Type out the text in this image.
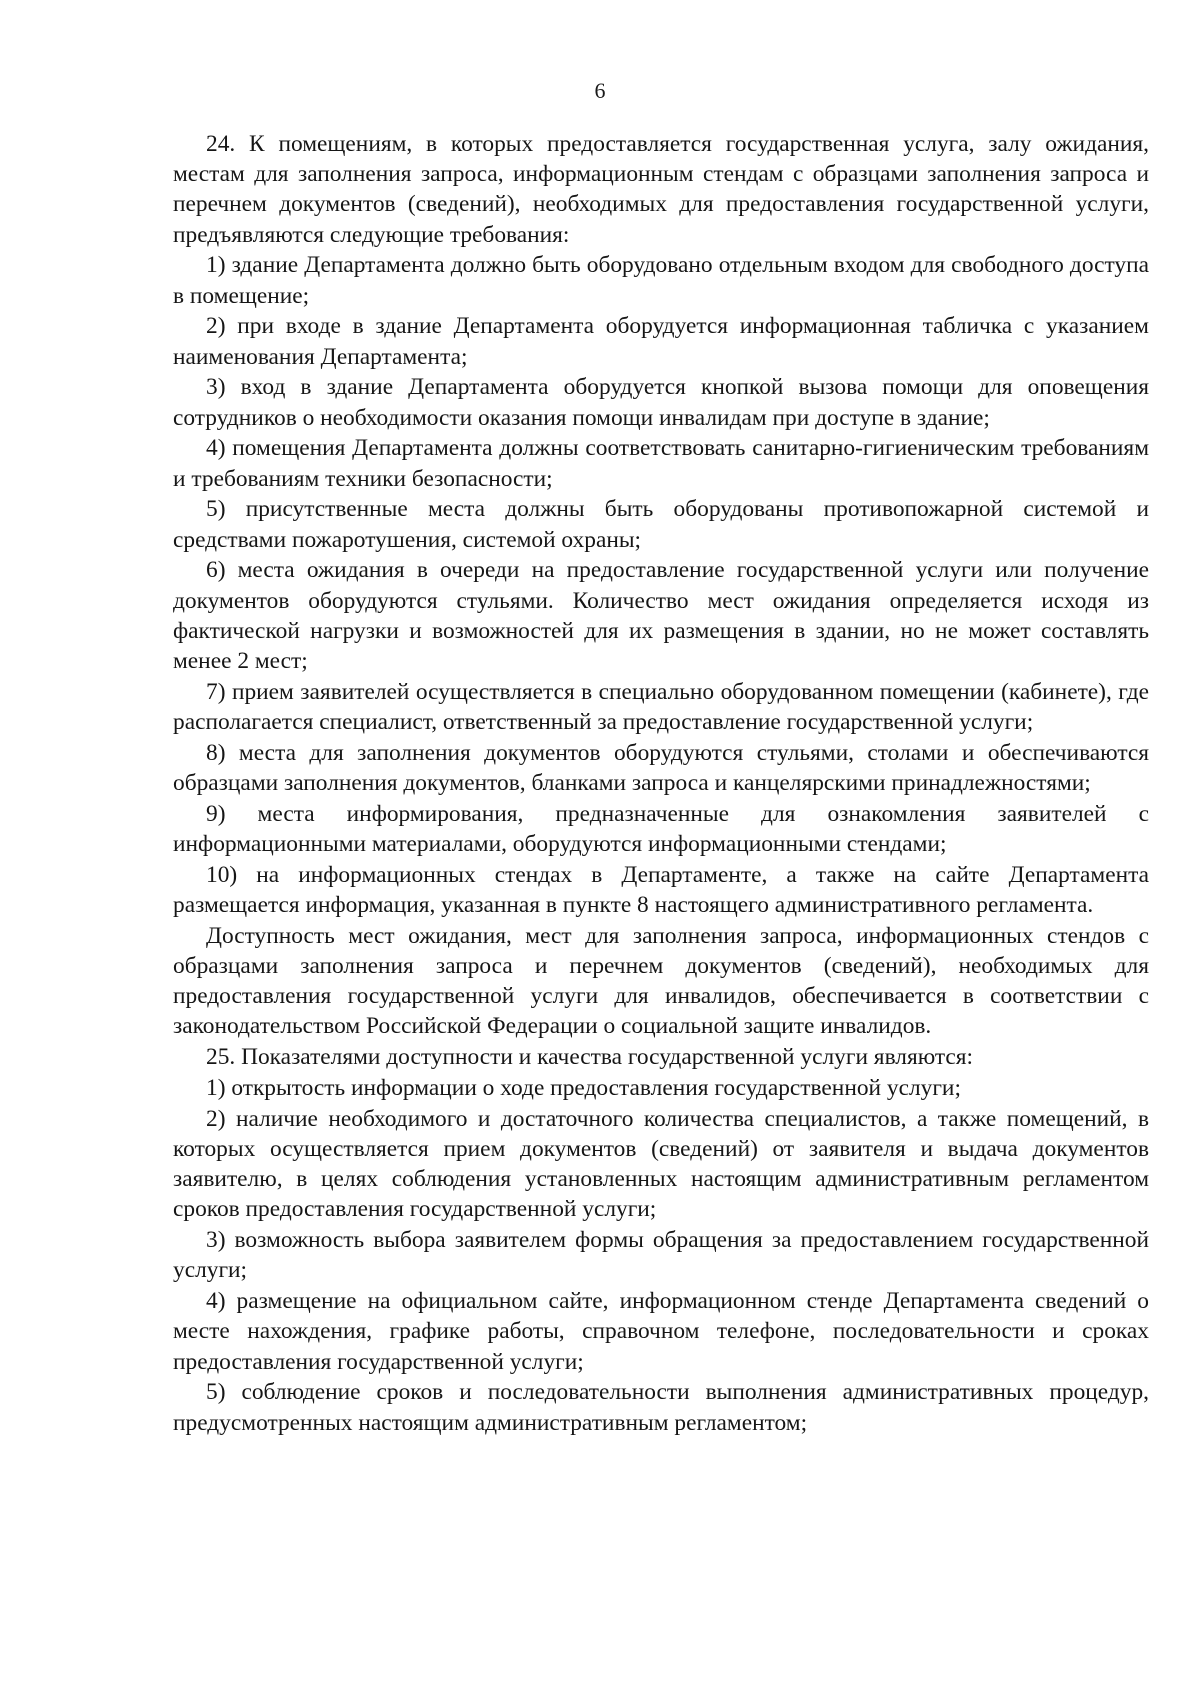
6

24. К помещениям, в которых предоставляется государственная услуга, залу ожидания, местам для заполнения запроса, информационным стендам с образцами заполнения запроса и перечнем документов (сведений), необходимых для предоставления государственной услуги, предъявляются следующие требования:

1) здание Департамента должно быть оборудовано отдельным входом для свободного доступа в помещение;

2) при входе в здание Департамента оборудуется информационная табличка с указанием наименования Департамента;

3) вход в здание Департамента оборудуется кнопкой вызова помощи для оповещения сотрудников о необходимости оказания помощи инвалидам при доступе в здание;

4) помещения Департамента должны соответствовать санитарно-гигиеническим требованиям и требованиям техники безопасности;

5) присутственные места должны быть оборудованы противопожарной системой и средствами пожаротушения, системой охраны;

6) места ожидания в очереди на предоставление государственной услуги или получение документов оборудуются стульями. Количество мест ожидания определяется исходя из фактической нагрузки и возможностей для их размещения в здании, но не может составлять менее 2 мест;

7) прием заявителей осуществляется в специально оборудованном помещении (кабинете), где располагается специалист, ответственный за предоставление государственной услуги;

8) места для заполнения документов оборудуются стульями, столами и обеспечиваются образцами заполнения документов, бланками запроса и канцелярскими принадлежностями;

9) места информирования, предназначенные для ознакомления заявителей с информационными материалами, оборудуются информационными стендами;

10) на информационных стендах в Департаменте, а также на сайте Департамента размещается информация, указанная в пункте 8 настоящего административного регламента.

Доступность мест ожидания, мест для заполнения запроса, информационных стендов с образцами заполнения запроса и перечнем документов (сведений), необходимых для предоставления государственной услуги для инвалидов, обеспечивается в соответствии с законодательством Российской Федерации о социальной защите инвалидов.

25. Показателями доступности и качества государственной услуги являются:

1) открытость информации о ходе предоставления государственной услуги;

2) наличие необходимого и достаточного количества специалистов, а также помещений, в которых осуществляется прием документов (сведений) от заявителя и выдача документов заявителю, в целях соблюдения установленных настоящим административным регламентом сроков предоставления государственной услуги;

3) возможность выбора заявителем формы обращения за предоставлением государственной услуги;

4) размещение на официальном сайте, информационном стенде Департамента сведений о месте нахождения, графике работы, справочном телефоне, последовательности и сроках предоставления государственной услуги;

5) соблюдение сроков и последовательности выполнения административных процедур, предусмотренных настоящим административным регламентом;
